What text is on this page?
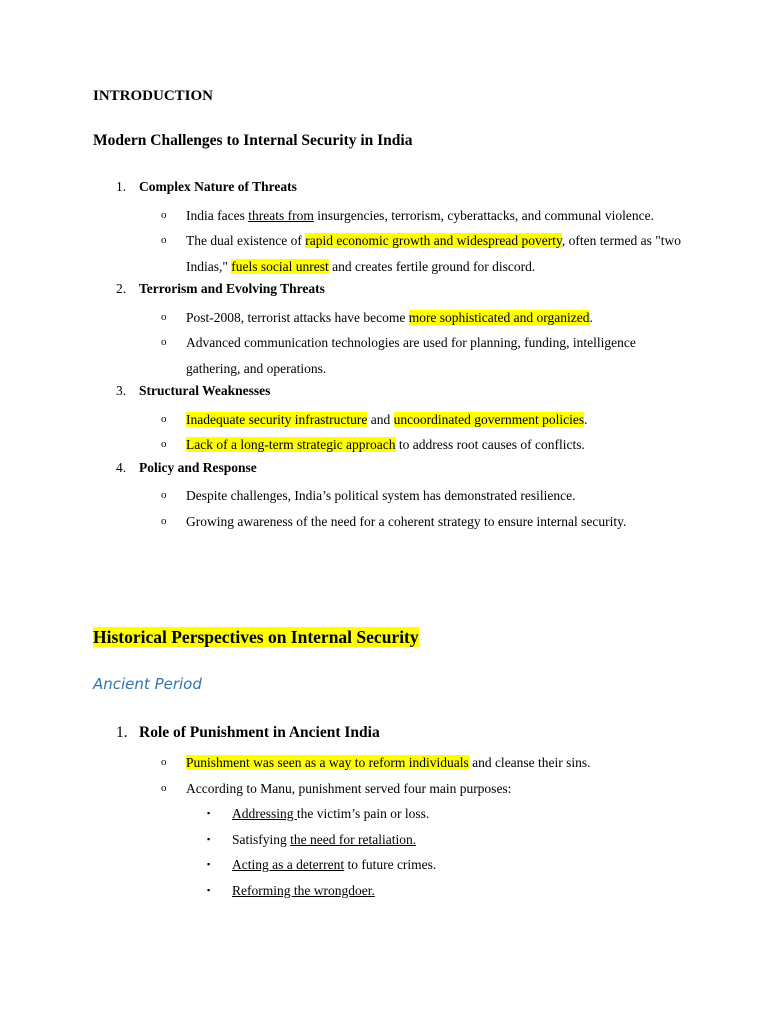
INTRODUCTION
Modern Challenges to Internal Security in India
1. Complex Nature of Threats
o India faces threats from insurgencies, terrorism, cyberattacks, and communal violence.
o The dual existence of rapid economic growth and widespread poverty, often termed as "two Indias," fuels social unrest and creates fertile ground for discord.
2. Terrorism and Evolving Threats
o Post-2008, terrorist attacks have become more sophisticated and organized.
o Advanced communication technologies are used for planning, funding, intelligence gathering, and operations.
3. Structural Weaknesses
o Inadequate security infrastructure and uncoordinated government policies.
o Lack of a long-term strategic approach to address root causes of conflicts.
4. Policy and Response
o Despite challenges, India’s political system has demonstrated resilience.
o Growing awareness of the need for a coherent strategy to ensure internal security.
Historical Perspectives on Internal Security
Ancient Period
1. Role of Punishment in Ancient India
o Punishment was seen as a way to reform individuals and cleanse their sins.
o According to Manu, punishment served four main purposes:
▪ Addressing the victim’s pain or loss.
▪ Satisfying the need for retaliation.
▪ Acting as a deterrent to future crimes.
▪ Reforming the wrongdoer.
